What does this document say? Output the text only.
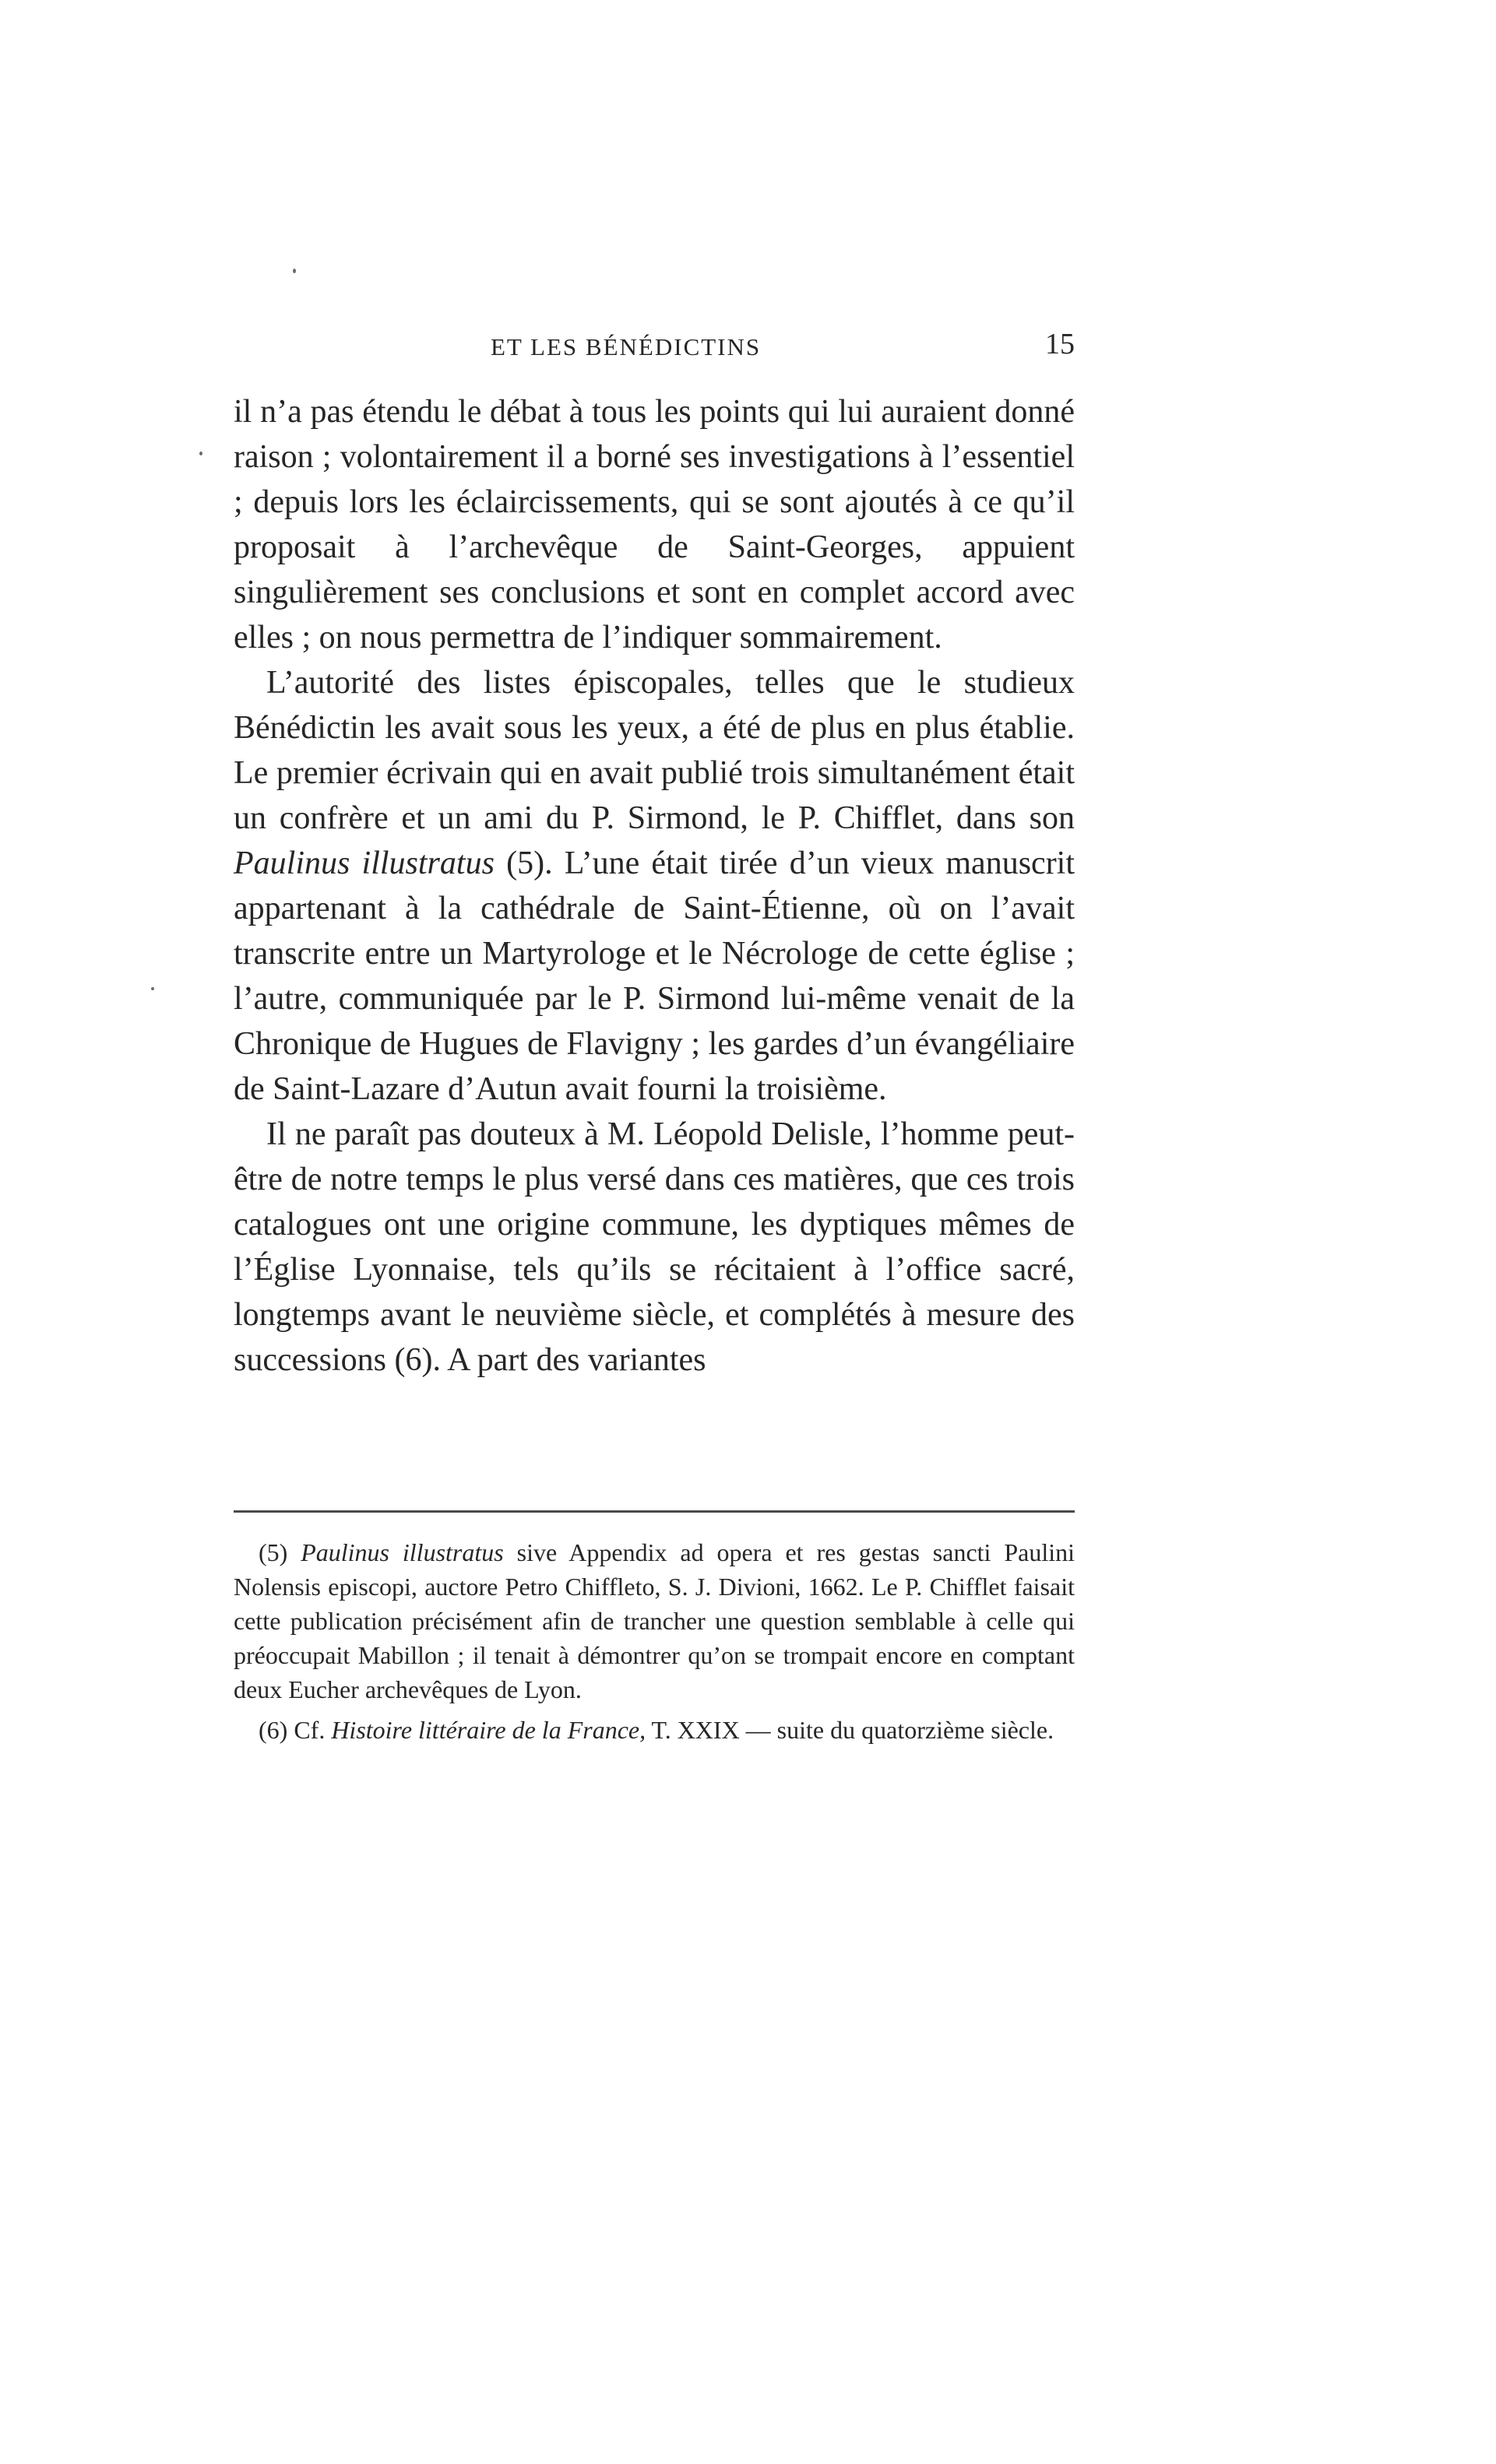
ET LES BÉNÉDICTINS	15

il n’a pas étendu le débat à tous les points qui lui auraient donné raison ; volontairement il a borné ses investigations à l’essentiel ; depuis lors les éclaircissements, qui se sont ajoutés à ce qu’il proposait à l’archevêque de Saint-Georges, appuient singulièrement ses conclusions et sont en complet accord avec elles ; on nous permettra de l’indiquer sommairement.

L’autorité des listes épiscopales, telles que le studieux Bénédictin les avait sous les yeux, a été de plus en plus établie. Le premier écrivain qui en avait publié trois simultanément était un confrère et un ami du P. Sirmond, le P. Chifflet, dans son Paulinus illustratus (5). L’une était tirée d’un vieux manuscrit appartenant à la cathédrale de Saint-Étienne, où on l’avait transcrite entre un Martyrologe et le Nécrologe de cette église ; l’autre, communiquée par le P. Sirmond lui-même venait de la Chronique de Hugues de Flavigny ; les gardes d’un évangéliaire de Saint-Lazare d’Autun avait fourni la troisième.

Il ne paraît pas douteux à M. Léopold Delisle, l’homme peut-être de notre temps le plus versé dans ces matières, que ces trois catalogues ont une origine commune, les dyptiques mêmes de l’Église Lyonnaise, tels qu’ils se récitaient à l’office sacré, longtemps avant le neuvième siècle, et complétés à mesure des successions (6). A part des variantes

(5) Paulinus illustratus sive Appendix ad opera et res gestas sancti Paulini Nolensis episcopi, auctore Petro Chiffleto, S. J. Divioni, 1662. Le P. Chifflet faisait cette publication précisément afin de trancher une question semblable à celle qui préoccupait Mabillon ; il tenait à démontrer qu’on se trompait encore en comptant deux Eucher archevêques de Lyon.

(6) Cf. Histoire littéraire de la France, T. XXIX — suite du quatorzième siècle.
